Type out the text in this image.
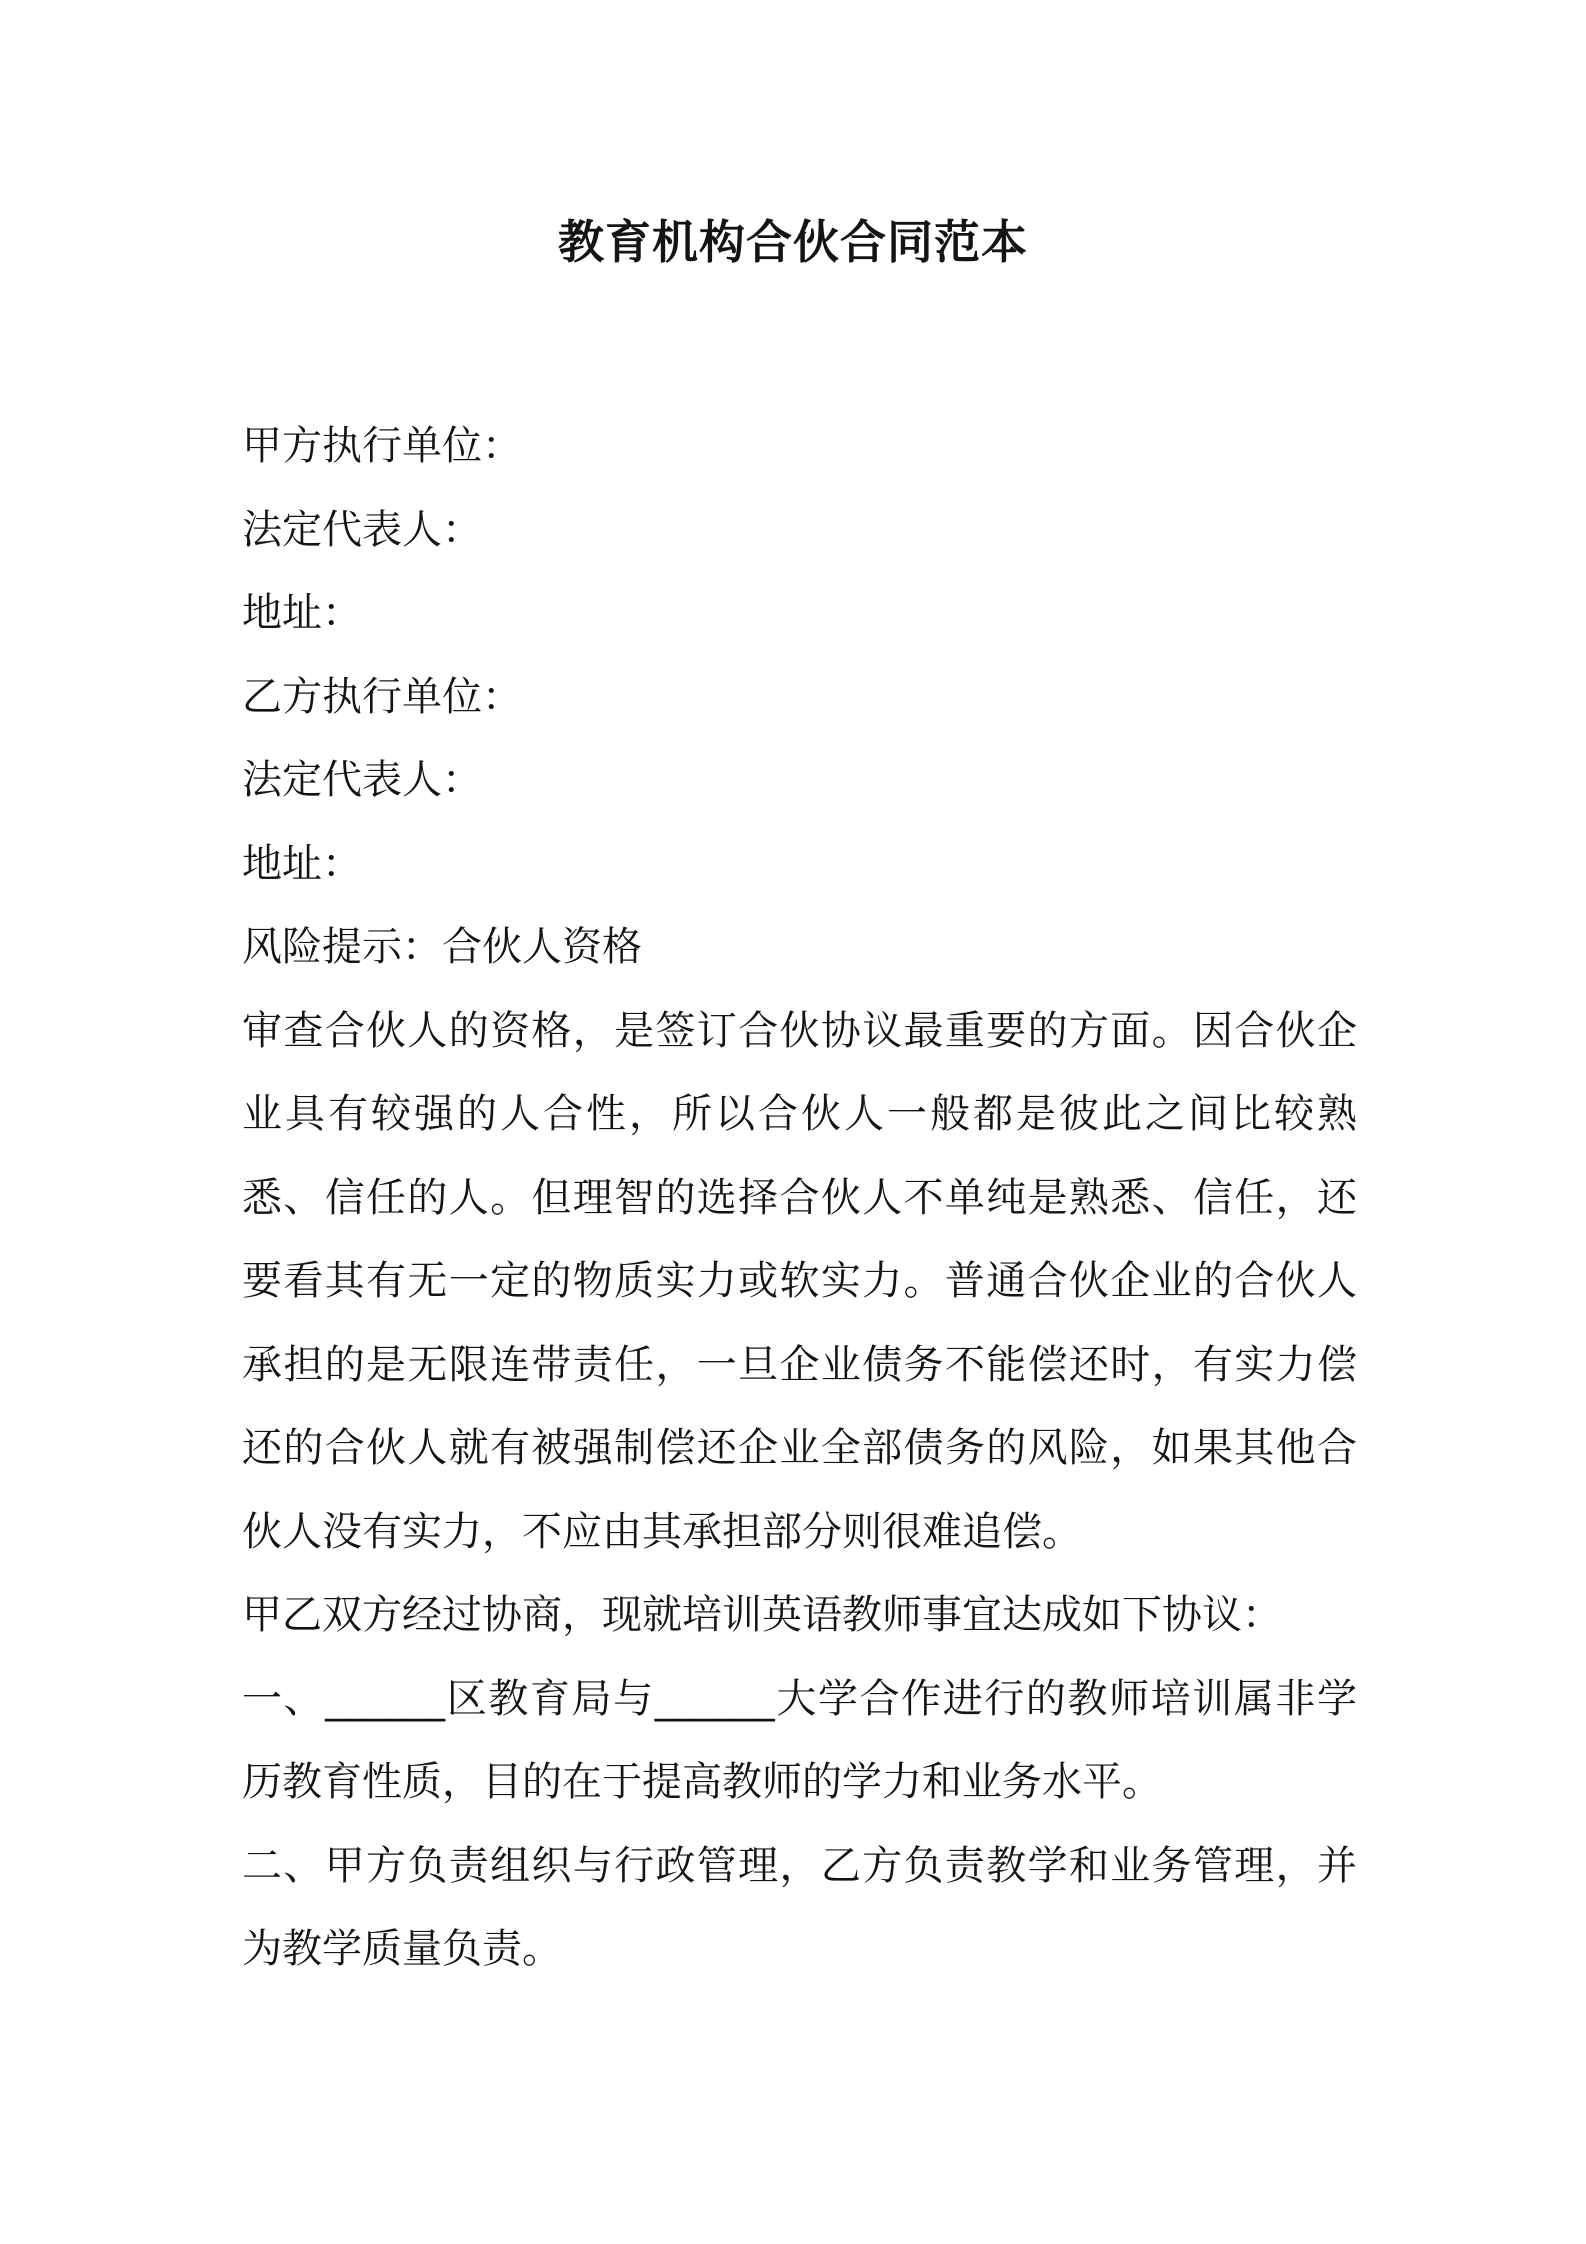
教育机构合伙合同范本
甲方执行单位：
法定代表人：
地址：
乙方执行单位：
法定代表人：
地址：
风险提示：合伙人资格

审查合伙人的资格，是签订合伙协议最重要的方面。因合伙企业具有较强的人合性，所以合伙人一般都是彼此之间比较熟悉、信任的人。但理智的选择合伙人不单纯是熟悉、信任，还要看其有无一定的物质实力或软实力。普通合伙企业的合伙人承担的是无限连带责任，一旦企业债务不能偿还时，有实力偿还的合伙人就有被强制偿还企业全部债务的风险，如果其他合伙人没有实力，不应由其承担部分则很难追偿。

甲乙双方经过协商，现就培训英语教师事宜达成如下协议：

一、______区教育局与______大学合作进行的教师培训属非学历教育性质，目的在于提高教师的学力和业务水平。

二、甲方负责组织与行政管理，乙方负责教学和业务管理，并为教学质量负责。
